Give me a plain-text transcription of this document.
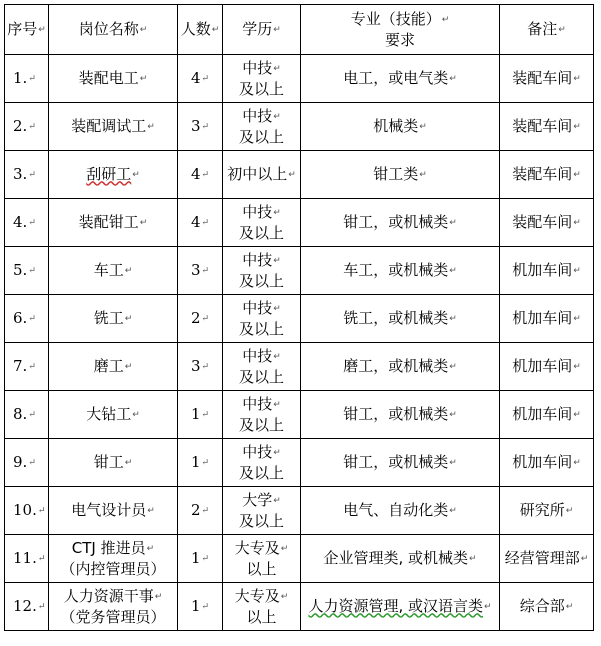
序号↵	岗位名称↵	人数↵	学历↵	专业（技能）↵
要求	备注↵
1.↵	装配电工↵	4↵	中技↵
及以上	电工，或电气类↵	装配车间↵
2.↵	装配调试工↵	3↵	中技↵
及以上	机械类↵	装配车间↵
3.↵	刮研工↵	4↵	初中以上↵	钳工类↵	装配车间↵
4.↵	装配钳工↵	4↵	中技↵
及以上	钳工，或机械类↵	装配车间↵
5.↵	车工↵	3↵	中技↵
及以上	车工，或机械类↵	机加车间↵
6.↵	铣工↵	2↵	中技↵
及以上	铣工，或机械类↵	机加车间↵
7.↵	磨工↵	3↵	中技↵
及以上	磨工，或机械类↵	机加车间↵
8.↵	大钻工↵	1↵	中技↵
及以上	钳工，或机械类↵	机加车间↵
9.↵	钳工↵	1↵	中技↵
及以上	钳工，或机械类↵	机加车间↵
10.↵	电气设计员↵	2↵	大学↵
及以上	电气、自动化类↵	研究所↵
11.↵	CTJ 推进员↵
（内控管理员）	1↵	大专及↵
以上	企业管理类, 或机械类↵	经营管理部↵
12.↵	人力资源干事↵
（党务管理员）	1↵	大专及↵
以上	人力资源管理, 或汉语言类↵	综合部↵
